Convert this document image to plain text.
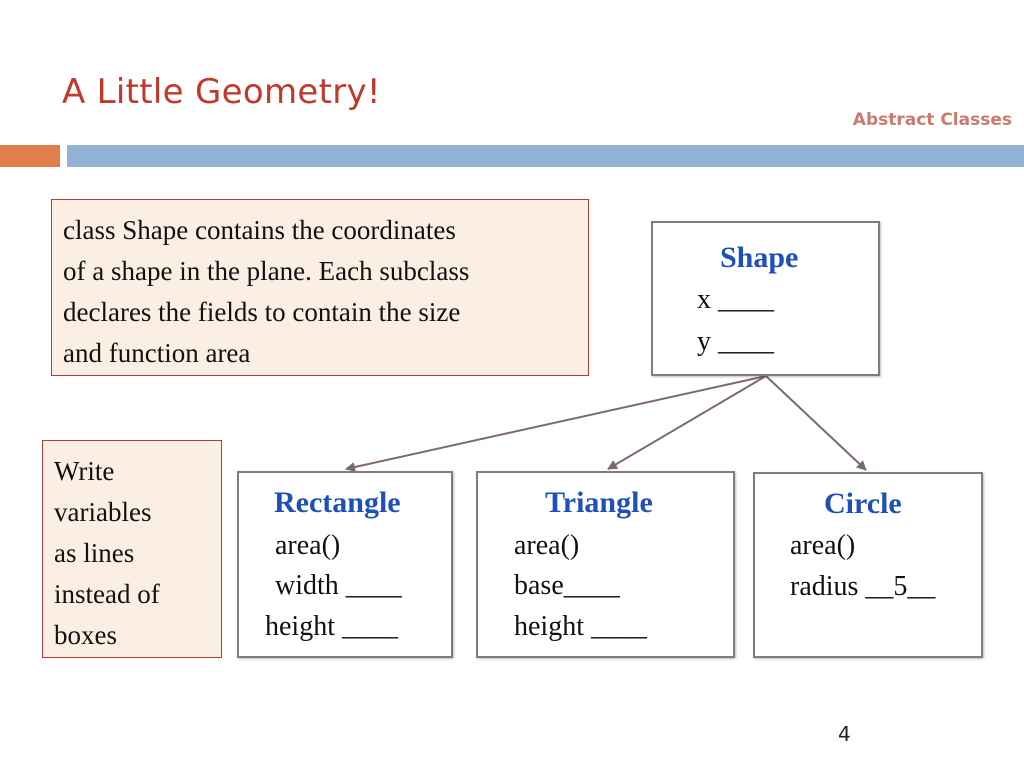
A Little Geometry!
Abstract Classes
class Shape contains the coordinates
of a shape in the plane. Each subclass
declares the fields to contain the size
and function area
Write
variables
as lines
instead of
boxes
Shape
x ____
y ____
Rectangle
area()
width ____
height ____
Triangle
area()
base____
height ____
Circle
area()
radius __5__
4
